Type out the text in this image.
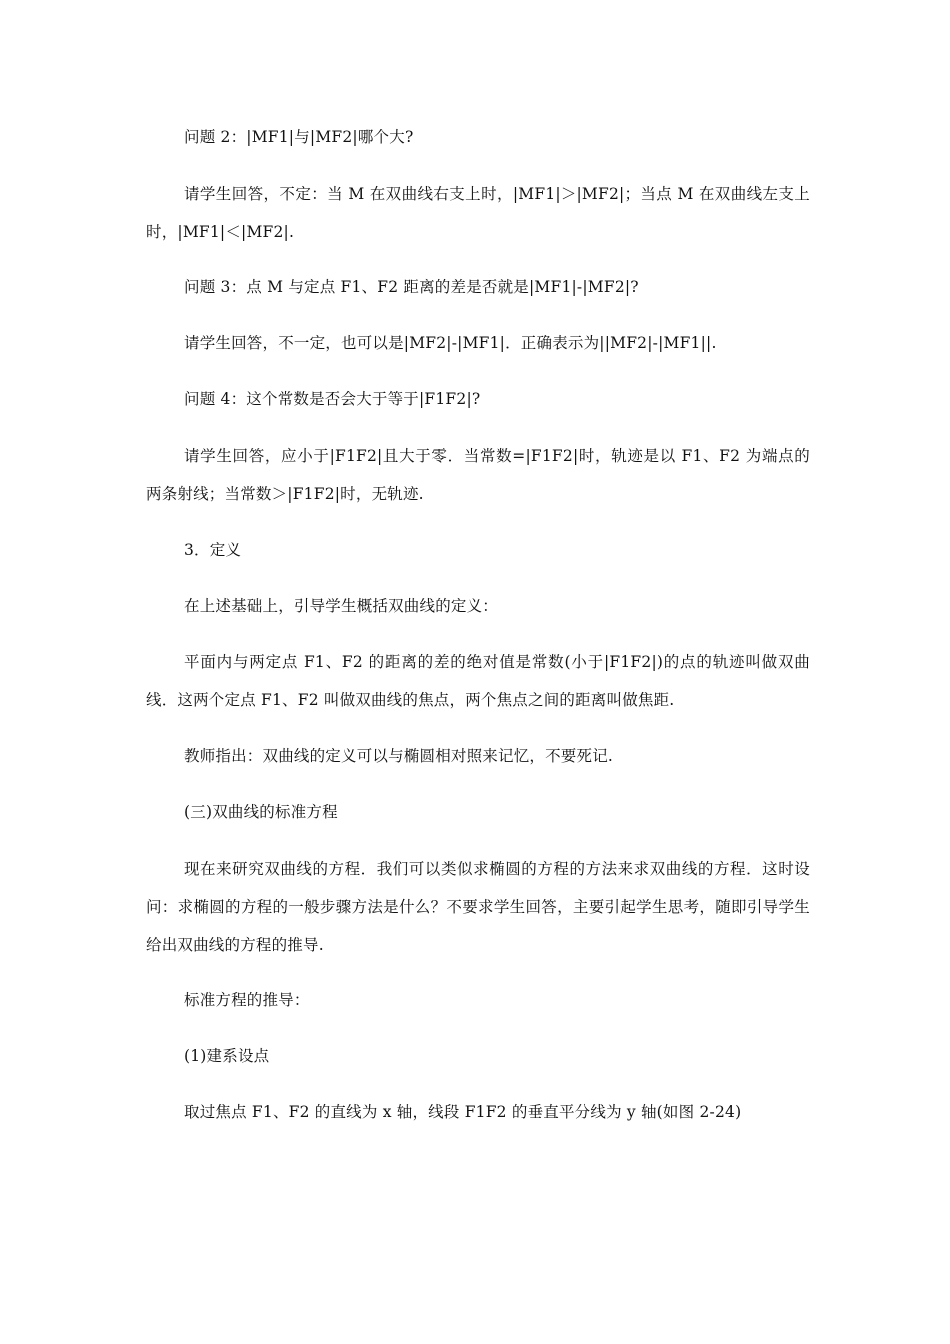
问题 2：|MF1|与|MF2|哪个大?

请学生回答，不定：当 M 在双曲线右支上时，|MF1|＞|MF2|；当点 M 在双曲线左支上时，|MF1|＜|MF2|.

问题 3：点 M 与定点 F1、F2 距离的差是否就是|MF1|-|MF2|?

请学生回答，不一定，也可以是|MF2|-|MF1|．正确表示为||MF2|-|MF1||.

问题 4：这个常数是否会大于等于|F1F2|?

请学生回答，应小于|F1F2|且大于零．当常数=|F1F2|时，轨迹是以 F1、F2 为端点的两条射线；当常数＞|F1F2|时，无轨迹.

3．定义

在上述基础上，引导学生概括双曲线的定义：

平面内与两定点 F1、F2 的距离的差的绝对值是常数(小于|F1F2|)的点的轨迹叫做双曲线．这两个定点 F1、F2 叫做双曲线的焦点，两个焦点之间的距离叫做焦距.

教师指出：双曲线的定义可以与椭圆相对照来记忆，不要死记.

(三)双曲线的标准方程

现在来研究双曲线的方程．我们可以类似求椭圆的方程的方法来求双曲线的方程．这时设问：求椭圆的方程的一般步骤方法是什么？不要求学生回答，主要引起学生思考，随即引导学生给出双曲线的方程的推导.

标准方程的推导：

(1)建系设点

取过焦点 F1、F2 的直线为 x 轴，线段 F1F2 的垂直平分线为 y 轴(如图 2-24)
